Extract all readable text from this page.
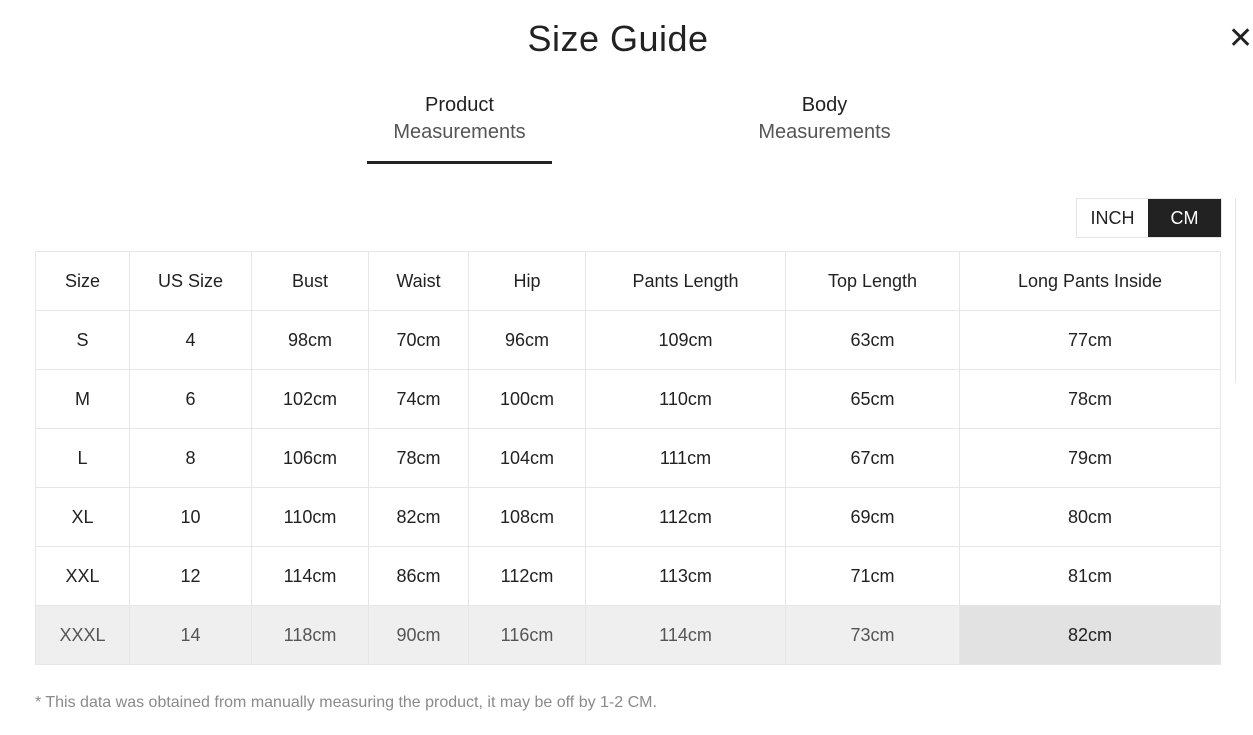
Size Guide	✕
Product
Measurements
Body
Measurements
INCH	CM
Size	US Size	Bust	Waist	Hip	Pants Length	Top Length	Long Pants Inside
S	4	98cm	70cm	96cm	109cm	63cm	77cm
M	6	102cm	74cm	100cm	110cm	65cm	78cm
L	8	106cm	78cm	104cm	111cm	67cm	79cm
XL	10	110cm	82cm	108cm	112cm	69cm	80cm
XXL	12	114cm	86cm	112cm	113cm	71cm	81cm
XXXL	14	118cm	90cm	116cm	114cm	73cm	82cm
* This data was obtained from manually measuring the product, it may be off by 1-2 CM.
